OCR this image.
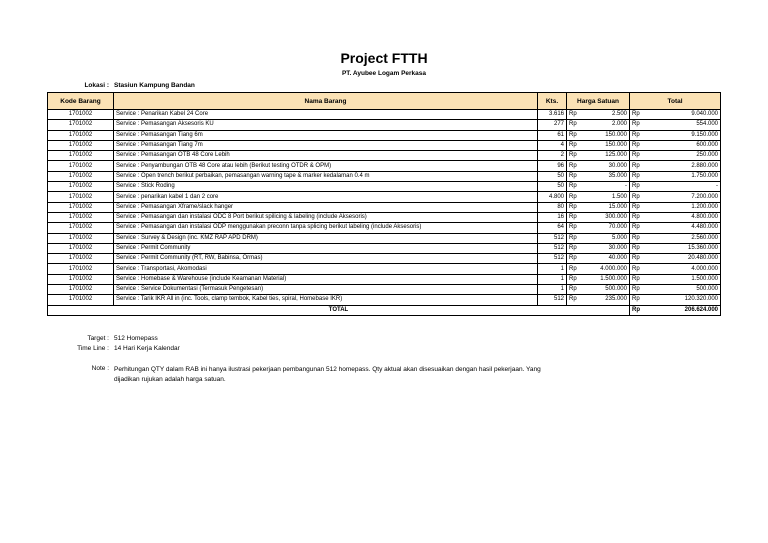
Project FTTH
PT. Ayubee Logam Perkasa
Lokasi : Stasiun Kampung Bandan
Kode Barang	Nama Barang	Kts.	Harga Satuan		Total	
1701002	Service : Penarikan Kabel 24 Core	3.616	Rp	2.500	Rp	9.040.000
1701002	Service : Pemasangan Aksesoris KU	277	Rp	2.000	Rp	554.000
1701002	Service : Pemasangan Tiang 6m	61	Rp	150.000	Rp	9.150.000
1701002	Service : Pemasangan Tiang 7m	4	Rp	150.000	Rp	600.000
1701002	Service : Pemasangan OTB 48 Core Lebih	2	Rp	125.000	Rp	250.000
1701002	Service : Penyambungan OTB 48 Core atau lebih (Berikut testing OTDR & OPM)	96	Rp	30.000	Rp	2.880.000
1701002	Service : Open trench berikut perbaikan, pemasangan warning tape & marker kedalaman 0.4 m	50	Rp	35.000	Rp	1.750.000
1701002	Service : Stick Roding	50	Rp	-	Rp	-
1701002	Service : penarikan kabel 1 dan 2 core	4.800	Rp	1.500	Rp	7.200.000
1701002	Service : Pemasangan Xframe/slack hanger	80	Rp	15.000	Rp	1.200.000
1701002	Service : Pemasangan dan instalasi ODC 8 Port berikut spilicing & labeling (include Aksesoris)	16	Rp	300.000	Rp	4.800.000
1701002	Service : Pemasangan dan instalasi ODP menggunakan preconn tanpa splicing berikut labeling (include Aksesoris)	64	Rp	70.000	Rp	4.480.000
1701002	Service : Survey & Design (inc. KMZ RAP APD DRM)	512	Rp	5.000	Rp	2.560.000
1701002	Service : Permit Community	512	Rp	30.000	Rp	15.360.000
1701002	Service : Permit Community (RT, RW, Babinsa, Ormas)	512	Rp	40.000	Rp	20.480.000
1701002	Service : Transportasi, Akomodasi	1	Rp	4.000.000	Rp	4.000.000
1701002	Service : Homebase & Warehouse (include Keamanan Material)	1	Rp	1.500.000	Rp	1.500.000
1701002	Service : Service Dokumentasi (Termasuk Pengetesan)	1	Rp	500.000	Rp	500.000
1701002	Service : Tarik IKR All in (inc. Tools, clamp tembok, Kabel ties, spiral, Homebase IKR)	512	Rp	235.000	Rp	120.320.000
TOTAL					Rp	206.624.000
Target : 512 Homepass
Time Line : 14 Hari Kerja Kalendar
Note : Perhitungan QTY dalam RAB ini hanya ilustrasi pekerjaan pembangunan 512 homepass. Qty aktual akan disesuaikan dengan hasil pekerjaan. Yang dijadikan rujukan adalah harga satuan.
